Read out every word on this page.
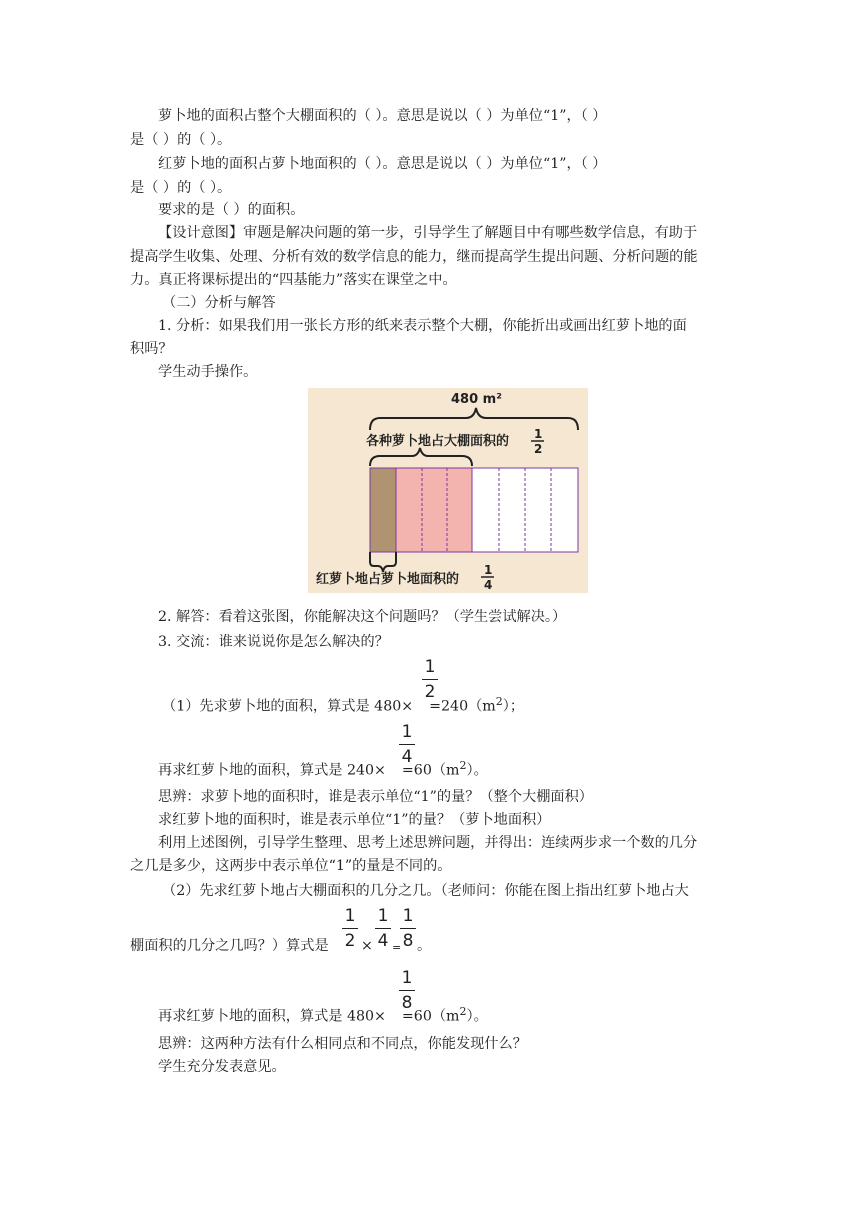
萝卜地的面积占整个大棚面积的（ ）。意思是说以（ ）为单位“1”，（ ）
是（ ）的（ ）。
红萝卜地的面积占萝卜地面积的（ ）。意思是说以（ ）为单位“1”，（ ）
是（ ）的（ ）。
要求的是（ ）的面积。
【设计意图】审题是解决问题的第一步，引导学生了解题目中有哪些数学信息，有助于
提高学生收集、处理、分析有效的数学信息的能力，继而提高学生提出问题、分析问题的能
力。真正将课标提出的“四基能力”落实在课堂之中。
（二）分析与解答
1. 分析：如果我们用一张长方形的纸来表示整个大棚，你能折出或画出红萝卜地的面
积吗？
学生动手操作。
480 m²
各种萝卜地占大棚面积的 1
2
红萝卜地占萝卜地面积的
1
4
2. 解答：看着这张图，你能解决这个问题吗？（学生尝试解决。）
3. 交流：谁来说说你是怎么解决的？
（1）先求萝卜地的面积，算式是 $480\times =240(m^2)$；
1
2
再求红萝卜地的面积，算式是 $240\times =60(m^2)$。
1
4
思辨：求萝卜地的面积时，谁是表示单位“1”的量？（整个大棚面积）
求红萝卜地的面积时，谁是表示单位“1”的量？（萝卜地面积）
利用上述图例，引导学生整理、思考上述思辨问题，并得出：连续两步求一个数的几分
之几是多少，这两步中表示单位“1”的量是不同的。
（2）先求红萝卜地占大棚面积的几分之几。（老师问：你能在图上指出红萝卜地占大
棚面积的几分之几吗？）算式是
1
2 ×
1
4 =
1
8 。
再求红萝卜地的面积，算式是 $480\times =60(m^2)$。
1
8
思辨：这两种方法有什么相同点和不同点，你能发现什么？
学生充分发表意见。
